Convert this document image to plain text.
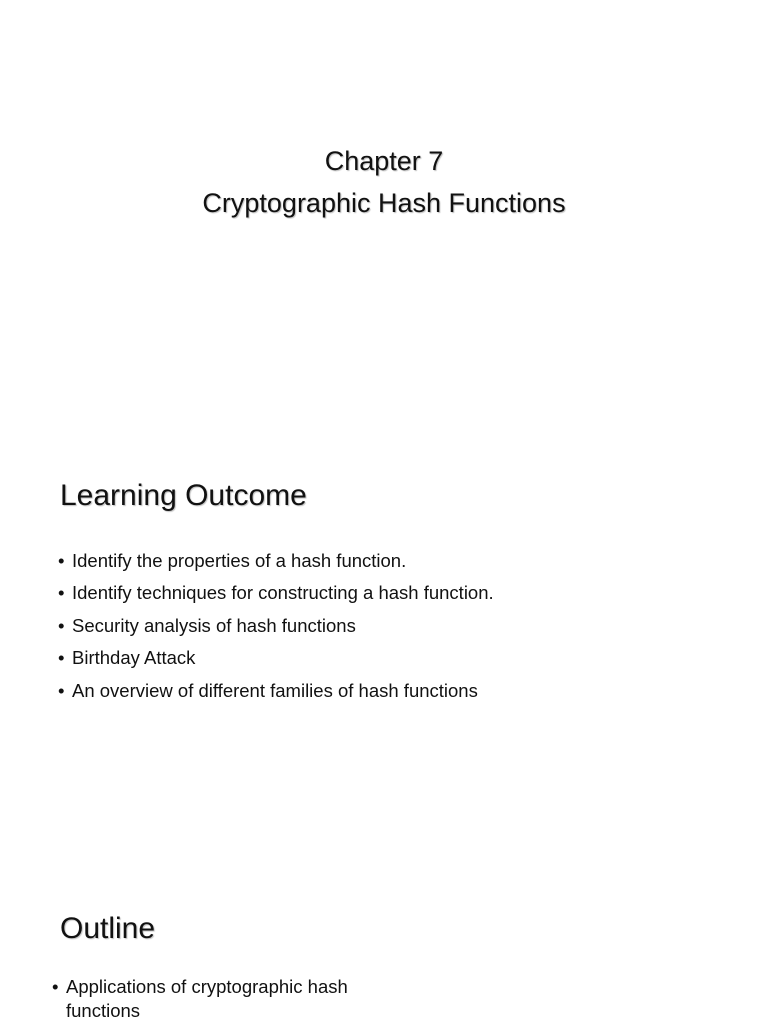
Chapter 7
Cryptographic Hash Functions
Learning Outcome
• Identify the properties of a hash function.
• Identify techniques for constructing a hash function.
• Security analysis of hash functions
• Birthday Attack
• An overview of different families of hash functions
Outline
• Applications of cryptographic hash functions
